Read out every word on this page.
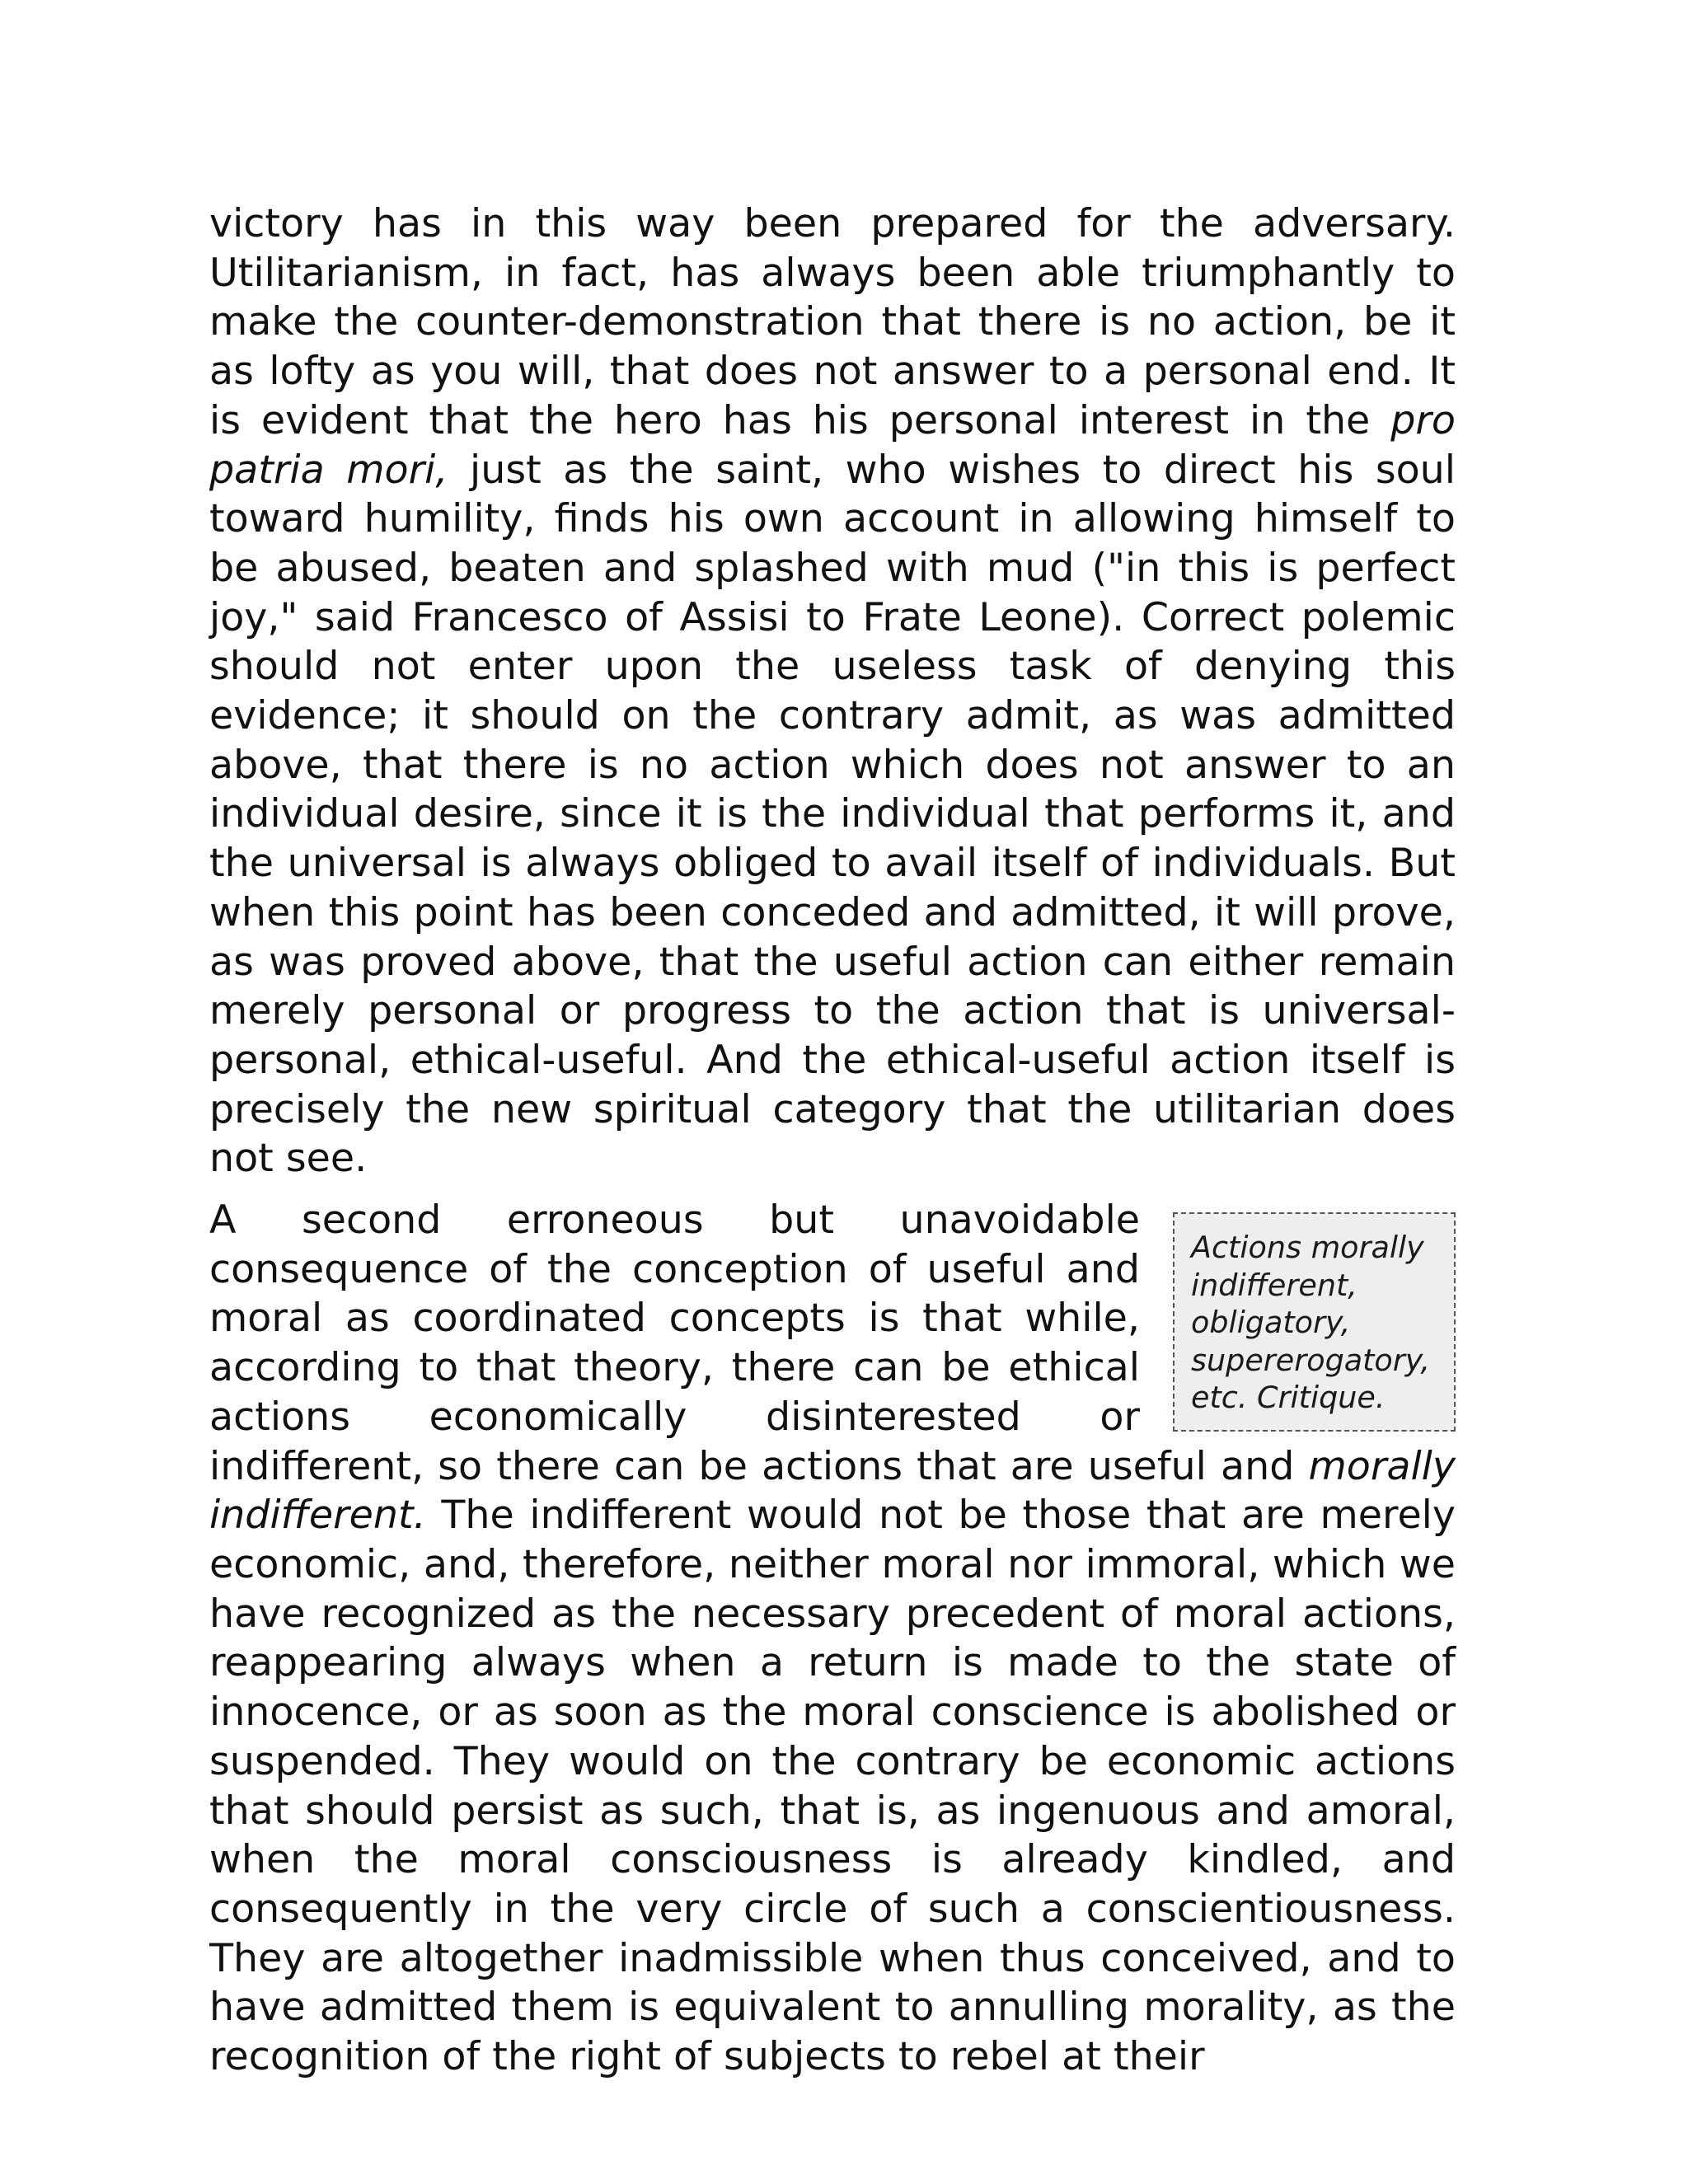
victory has in this way been prepared for the adversary. Utilitarianism, in fact, has always been able triumphantly to make the counter-demonstration that there is no action, be it as lofty as you will, that does not answer to a personal end. It is evident that the hero has his personal interest in the pro patria mori, just as the saint, who wishes to direct his soul toward humility, finds his own account in allowing himself to be abused, beaten and splashed with mud ("in this is perfect joy," said Francesco of Assisi to Frate Leone). Correct polemic should not enter upon the useless task of denying this evidence; it should on the contrary admit, as was admitted above, that there is no action which does not answer to an individual desire, since it is the individual that performs it, and the universal is always obliged to avail itself of individuals. But when this point has been conceded and admitted, it will prove, as was proved above, that the useful action can either remain merely personal or progress to the action that is universal-personal, ethical-useful. And the ethical-useful action itself is precisely the new spiritual category that the utilitarian does not see.

Actions morally indifferent, obligatory, supererogatory, etc. Critique.
A second erroneous but unavoidable consequence of the conception of useful and moral as coordinated concepts is that while, according to that theory, there can be ethical actions economically disinterested or indifferent, so there can be actions that are useful and morally indifferent. The indifferent would not be those that are merely economic, and, therefore, neither moral nor immoral, which we have recognized as the necessary precedent of moral actions, reappearing always when a return is made to the state of innocence, or as soon as the moral conscience is abolished or suspended. They would on the contrary be economic actions that should persist as such, that is, as ingenuous and amoral, when the moral consciousness is already kindled, and consequently in the very circle of such a conscientiousness. They are altogether inadmissible when thus conceived, and to have admitted them is equivalent to annulling morality, as the recognition of the right of subjects to rebel at their
